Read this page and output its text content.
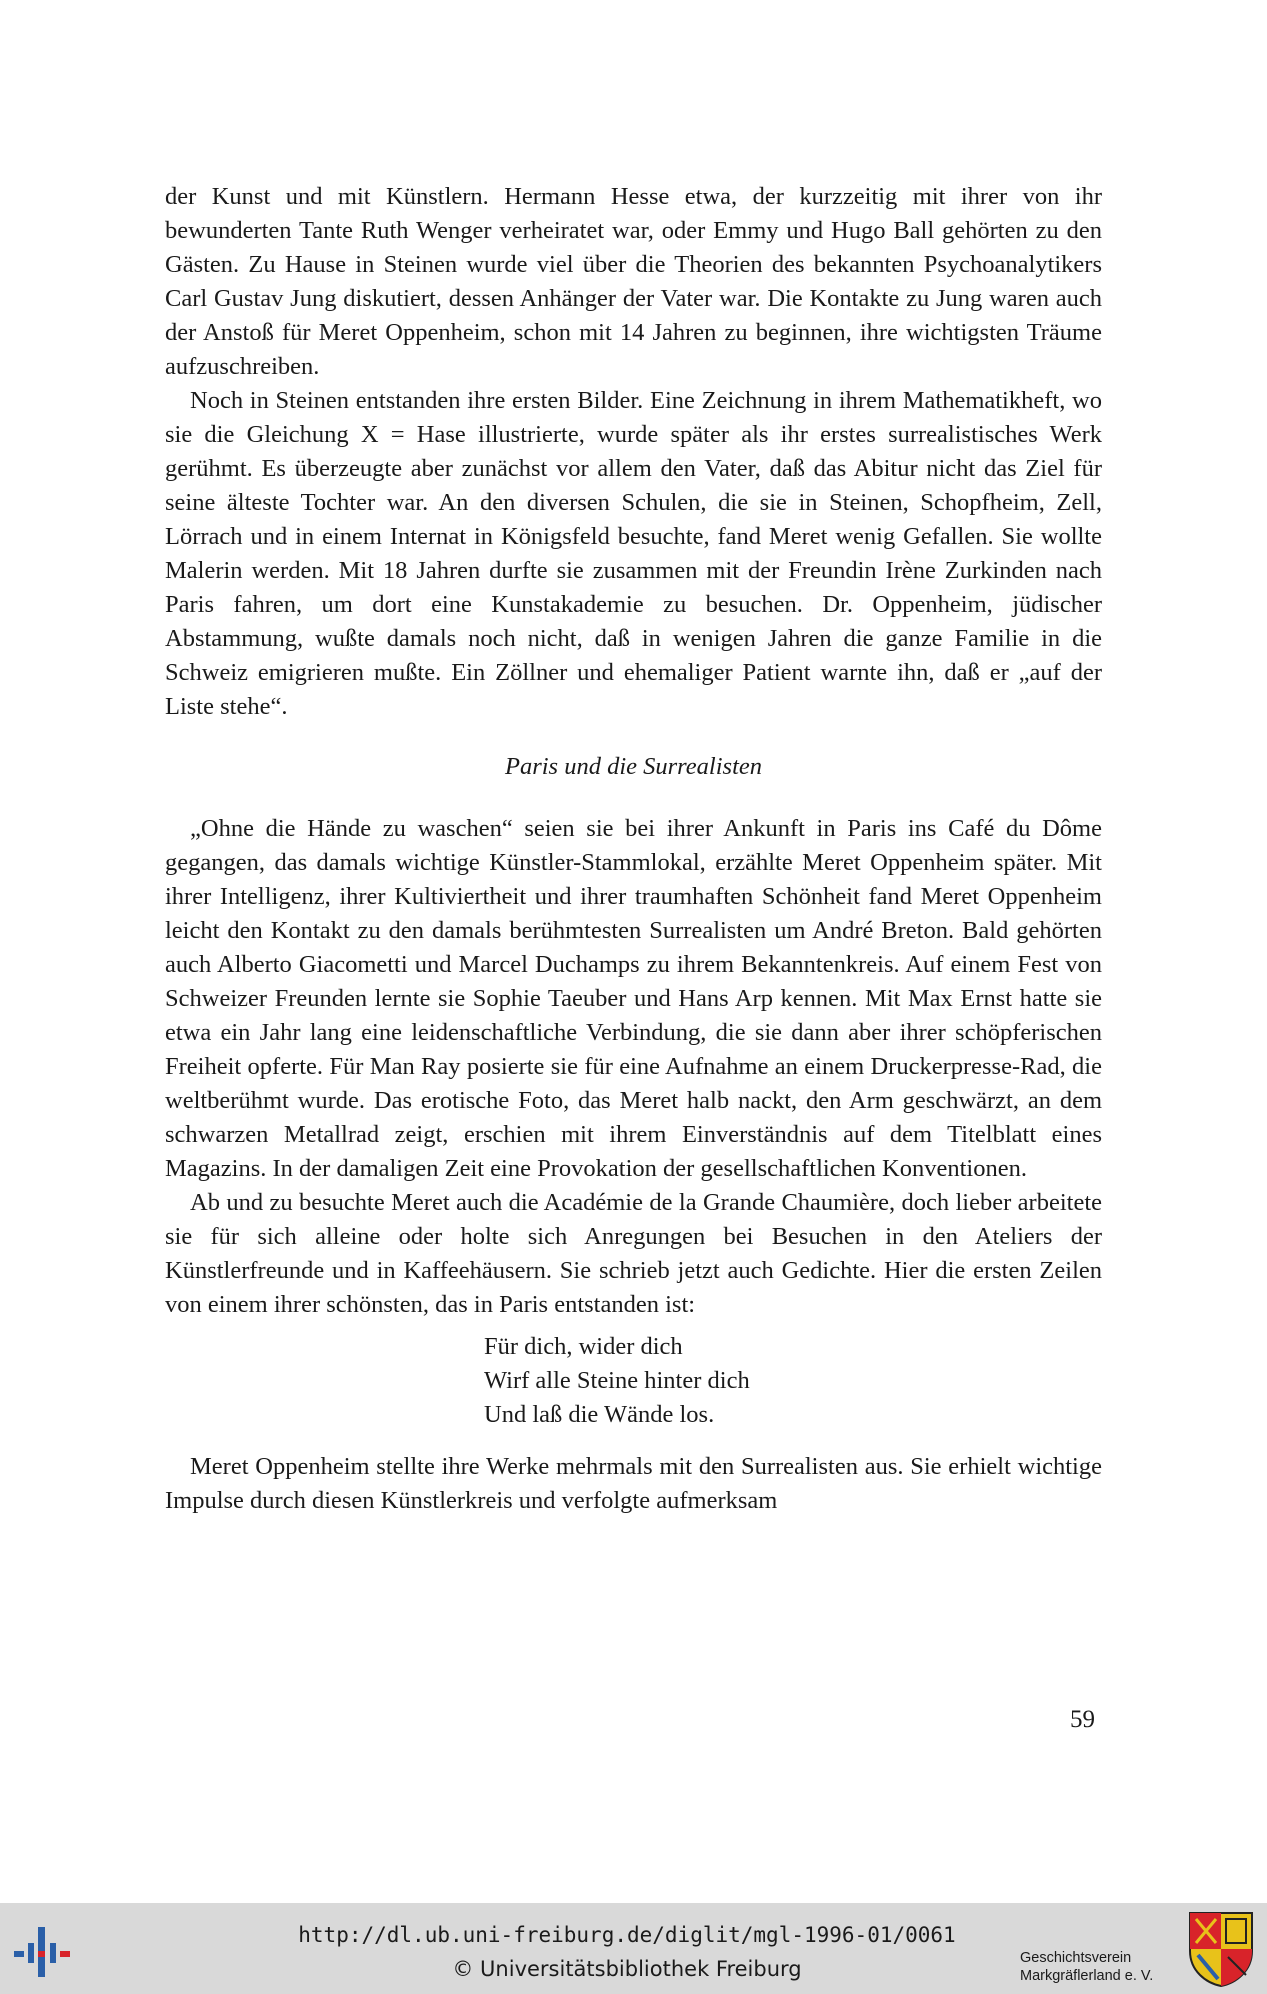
der Kunst und mit Künstlern. Hermann Hesse etwa, der kurzzeitig mit ihrer von ihr bewunderten Tante Ruth Wenger verheiratet war, oder Emmy und Hugo Ball gehörten zu den Gästen. Zu Hause in Steinen wurde viel über die Theorien des bekannten Psychoanalytikers Carl Gustav Jung diskutiert, dessen Anhänger der Vater war. Die Kontakte zu Jung waren auch der Anstoß für Meret Oppenheim, schon mit 14 Jahren zu beginnen, ihre wichtigsten Träume aufzuschreiben.

Noch in Steinen entstanden ihre ersten Bilder. Eine Zeichnung in ihrem Mathematikheft, wo sie die Gleichung X = Hase illustrierte, wurde später als ihr erstes surrealistisches Werk gerühmt. Es überzeugte aber zunächst vor allem den Vater, daß das Abitur nicht das Ziel für seine älteste Tochter war. An den diversen Schulen, die sie in Steinen, Schopfheim, Zell, Lörrach und in einem Internat in Königsfeld besuchte, fand Meret wenig Gefallen. Sie wollte Malerin werden. Mit 18 Jahren durfte sie zusammen mit der Freundin Irène Zurkinden nach Paris fahren, um dort eine Kunstakademie zu besuchen. Dr. Oppenheim, jüdischer Abstammung, wußte damals noch nicht, daß in wenigen Jahren die ganze Familie in die Schweiz emigrieren mußte. Ein Zöllner und ehemaliger Patient warnte ihn, daß er „auf der Liste stehe“.

Paris und die Surrealisten

„Ohne die Hände zu waschen“ seien sie bei ihrer Ankunft in Paris ins Café du Dôme gegangen, das damals wichtige Künstler-Stammlokal, erzählte Meret Oppenheim später. Mit ihrer Intelligenz, ihrer Kultiviertheit und ihrer traumhaften Schönheit fand Meret Oppenheim leicht den Kontakt zu den damals berühmtesten Surrealisten um André Breton. Bald gehörten auch Alberto Giacometti und Marcel Duchamps zu ihrem Bekanntenkreis. Auf einem Fest von Schweizer Freunden lernte sie Sophie Taeuber und Hans Arp kennen. Mit Max Ernst hatte sie etwa ein Jahr lang eine leidenschaftliche Verbindung, die sie dann aber ihrer schöpferischen Freiheit opferte. Für Man Ray posierte sie für eine Aufnahme an einem Druckerpresse-Rad, die weltberühmt wurde. Das erotische Foto, das Meret halb nackt, den Arm geschwärzt, an dem schwarzen Metallrad zeigt, erschien mit ihrem Einverständnis auf dem Titelblatt eines Magazins. In der damaligen Zeit eine Provokation der gesellschaftlichen Konventionen.

Ab und zu besuchte Meret auch die Académie de la Grande Chaumière, doch lieber arbeitete sie für sich alleine oder holte sich Anregungen bei Besuchen in den Ateliers der Künstlerfreunde und in Kaffeehäusern. Sie schrieb jetzt auch Gedichte. Hier die ersten Zeilen von einem ihrer schönsten, das in Paris entstanden ist:

Für dich, wider dich
Wirf alle Steine hinter dich
Und laß die Wände los.

Meret Oppenheim stellte ihre Werke mehrmals mit den Surrealisten aus. Sie erhielt wichtige Impulse durch diesen Künstlerkreis und verfolgte aufmerksam

59
http://dl.ub.uni-freiburg.de/diglit/mgl-1996-01/0061
© Universitätsbibliothek Freiburg	Geschichtsverein
Markgräflerland e. V.
